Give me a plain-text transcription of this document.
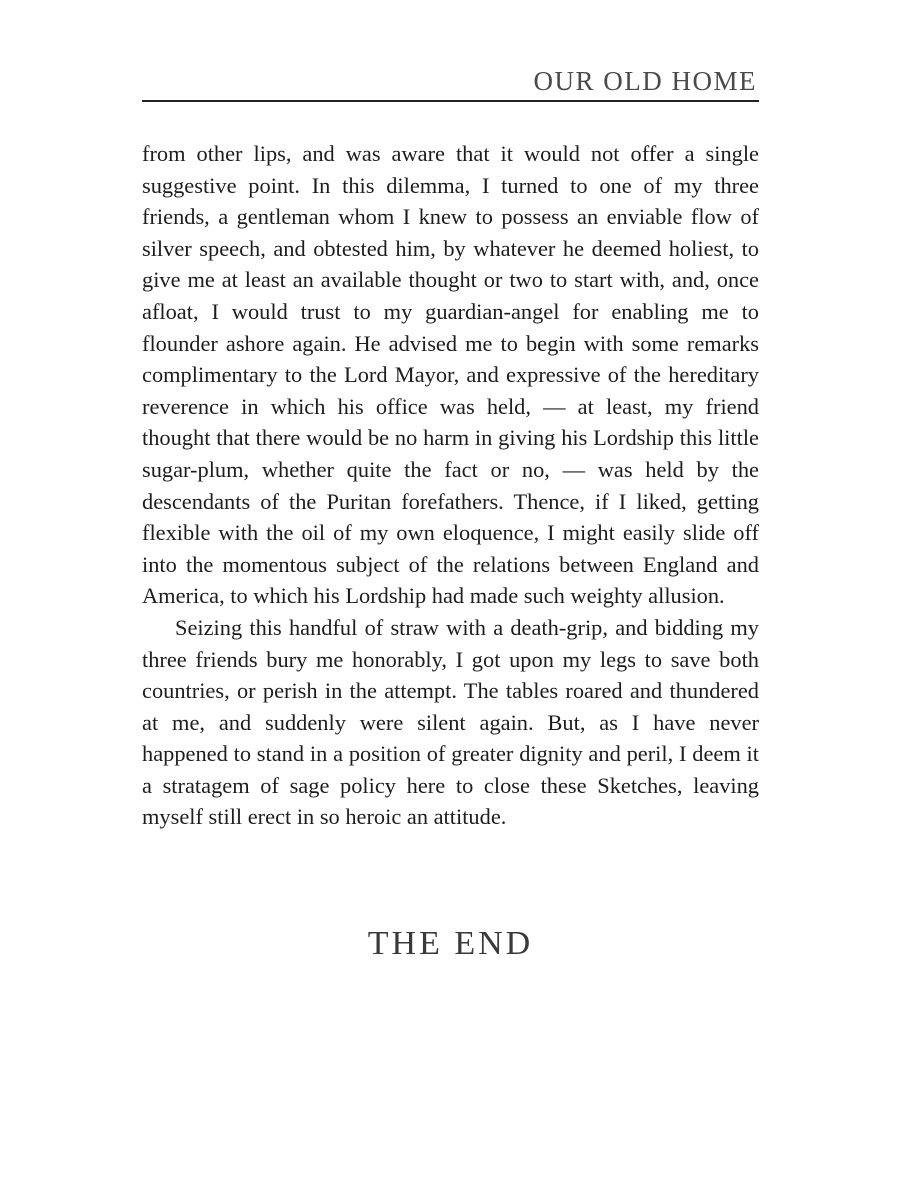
OUR OLD HOME

from other lips, and was aware that it would not offer a single suggestive point. In this dilemma, I turned to one of my three friends, a gentleman whom I knew to possess an enviable flow of silver speech, and obtested him, by whatever he deemed holiest, to give me at least an available thought or two to start with, and, once afloat, I would trust to my guardian-angel for enabling me to flounder ashore again. He advised me to begin with some remarks complimentary to the Lord Mayor, and expressive of the hereditary reverence in which his office was held, — at least, my friend thought that there would be no harm in giving his Lordship this little sugar-plum, whether quite the fact or no, — was held by the descendants of the Puritan forefathers. Thence, if I liked, getting flexible with the oil of my own eloquence, I might easily slide off into the momentous subject of the relations between England and America, to which his Lordship had made such weighty allusion.

Seizing this handful of straw with a death-grip, and bidding my three friends bury me honorably, I got upon my legs to save both countries, or perish in the attempt. The tables roared and thundered at me, and suddenly were silent again. But, as I have never happened to stand in a position of greater dignity and peril, I deem it a stratagem of sage policy here to close these Sketches, leaving myself still erect in so heroic an attitude.

THE END
